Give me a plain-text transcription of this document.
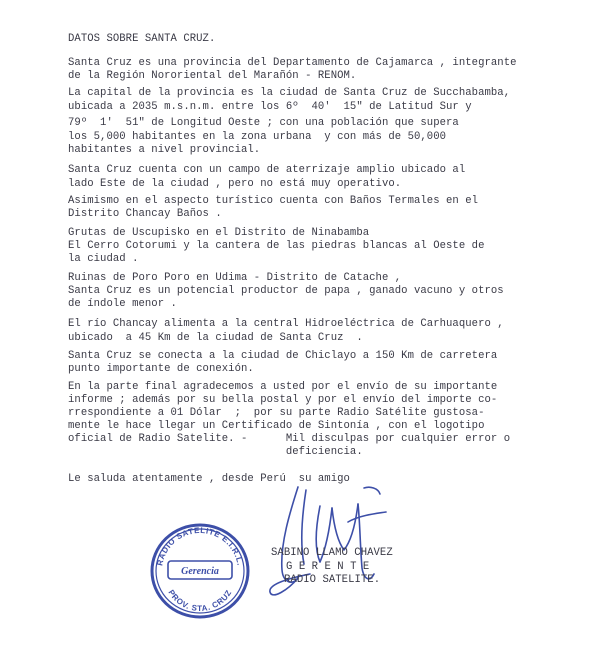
DATOS SOBRE SANTA CRUZ.
Santa Cruz es una provincia del Departamento de Cajamarca , integrante
de la Región Nororiental del Marañón - RENOM.
La capital de la provincia es la ciudad de Santa Cruz de Succhabamba,
ubicada a 2035 m.s.n.m. entre los 6º  40'  15" de Latitud Sur y
79º  1'  51" de Longitud Oeste ; con una población que supera
los 5,000 habitantes en la zona urbana  y con más de 50,000
habitantes a nivel provincial.
Santa Cruz cuenta con un campo de aterrizaje amplio ubicado al
lado Este de la ciudad , pero no está muy operativo.
Asimismo en el aspecto turístico cuenta con Baños Termales en el
Distrito Chancay Baños .
Grutas de Uscupisko en el Distrito de Ninabamba
El Cerro Cotorumi y la cantera de las piedras blancas al Oeste de
la ciudad .
Ruinas de Poro Poro en Udima - Distrito de Catache ,
Santa Cruz es un potencial productor de papa , ganado vacuno y otros
de índole menor .
El río Chancay alimenta a la central Hidroeléctrica de Carhuaquero ,
ubicado  a 45 Km de la ciudad de Santa Cruz  .
Santa Cruz se conecta a la ciudad de Chiclayo a 150 Km de carretera
punto importante de conexión.
En la parte final agradecemos a usted por el envío de su importante
informe ; además por su bella postal y por el envío del importe co-
rrespondiente a 01 Dólar  ;  por su parte Radio Satélite gustosa-
mente le hace llegar un Certificado de Sintonía , con el logotipo
oficial de Radio Satelite. -      Mil disculpas por cualquier error o
deficiencia.
Le saluda atentamente , desde Perú  su amigo
RADIO SATELITE E.I.R.L.
Gerencia
PROV. STA. CRUZ
SABINO LLAMO CHAVEZ
G E R E N T E
RADIO SATELITE.
